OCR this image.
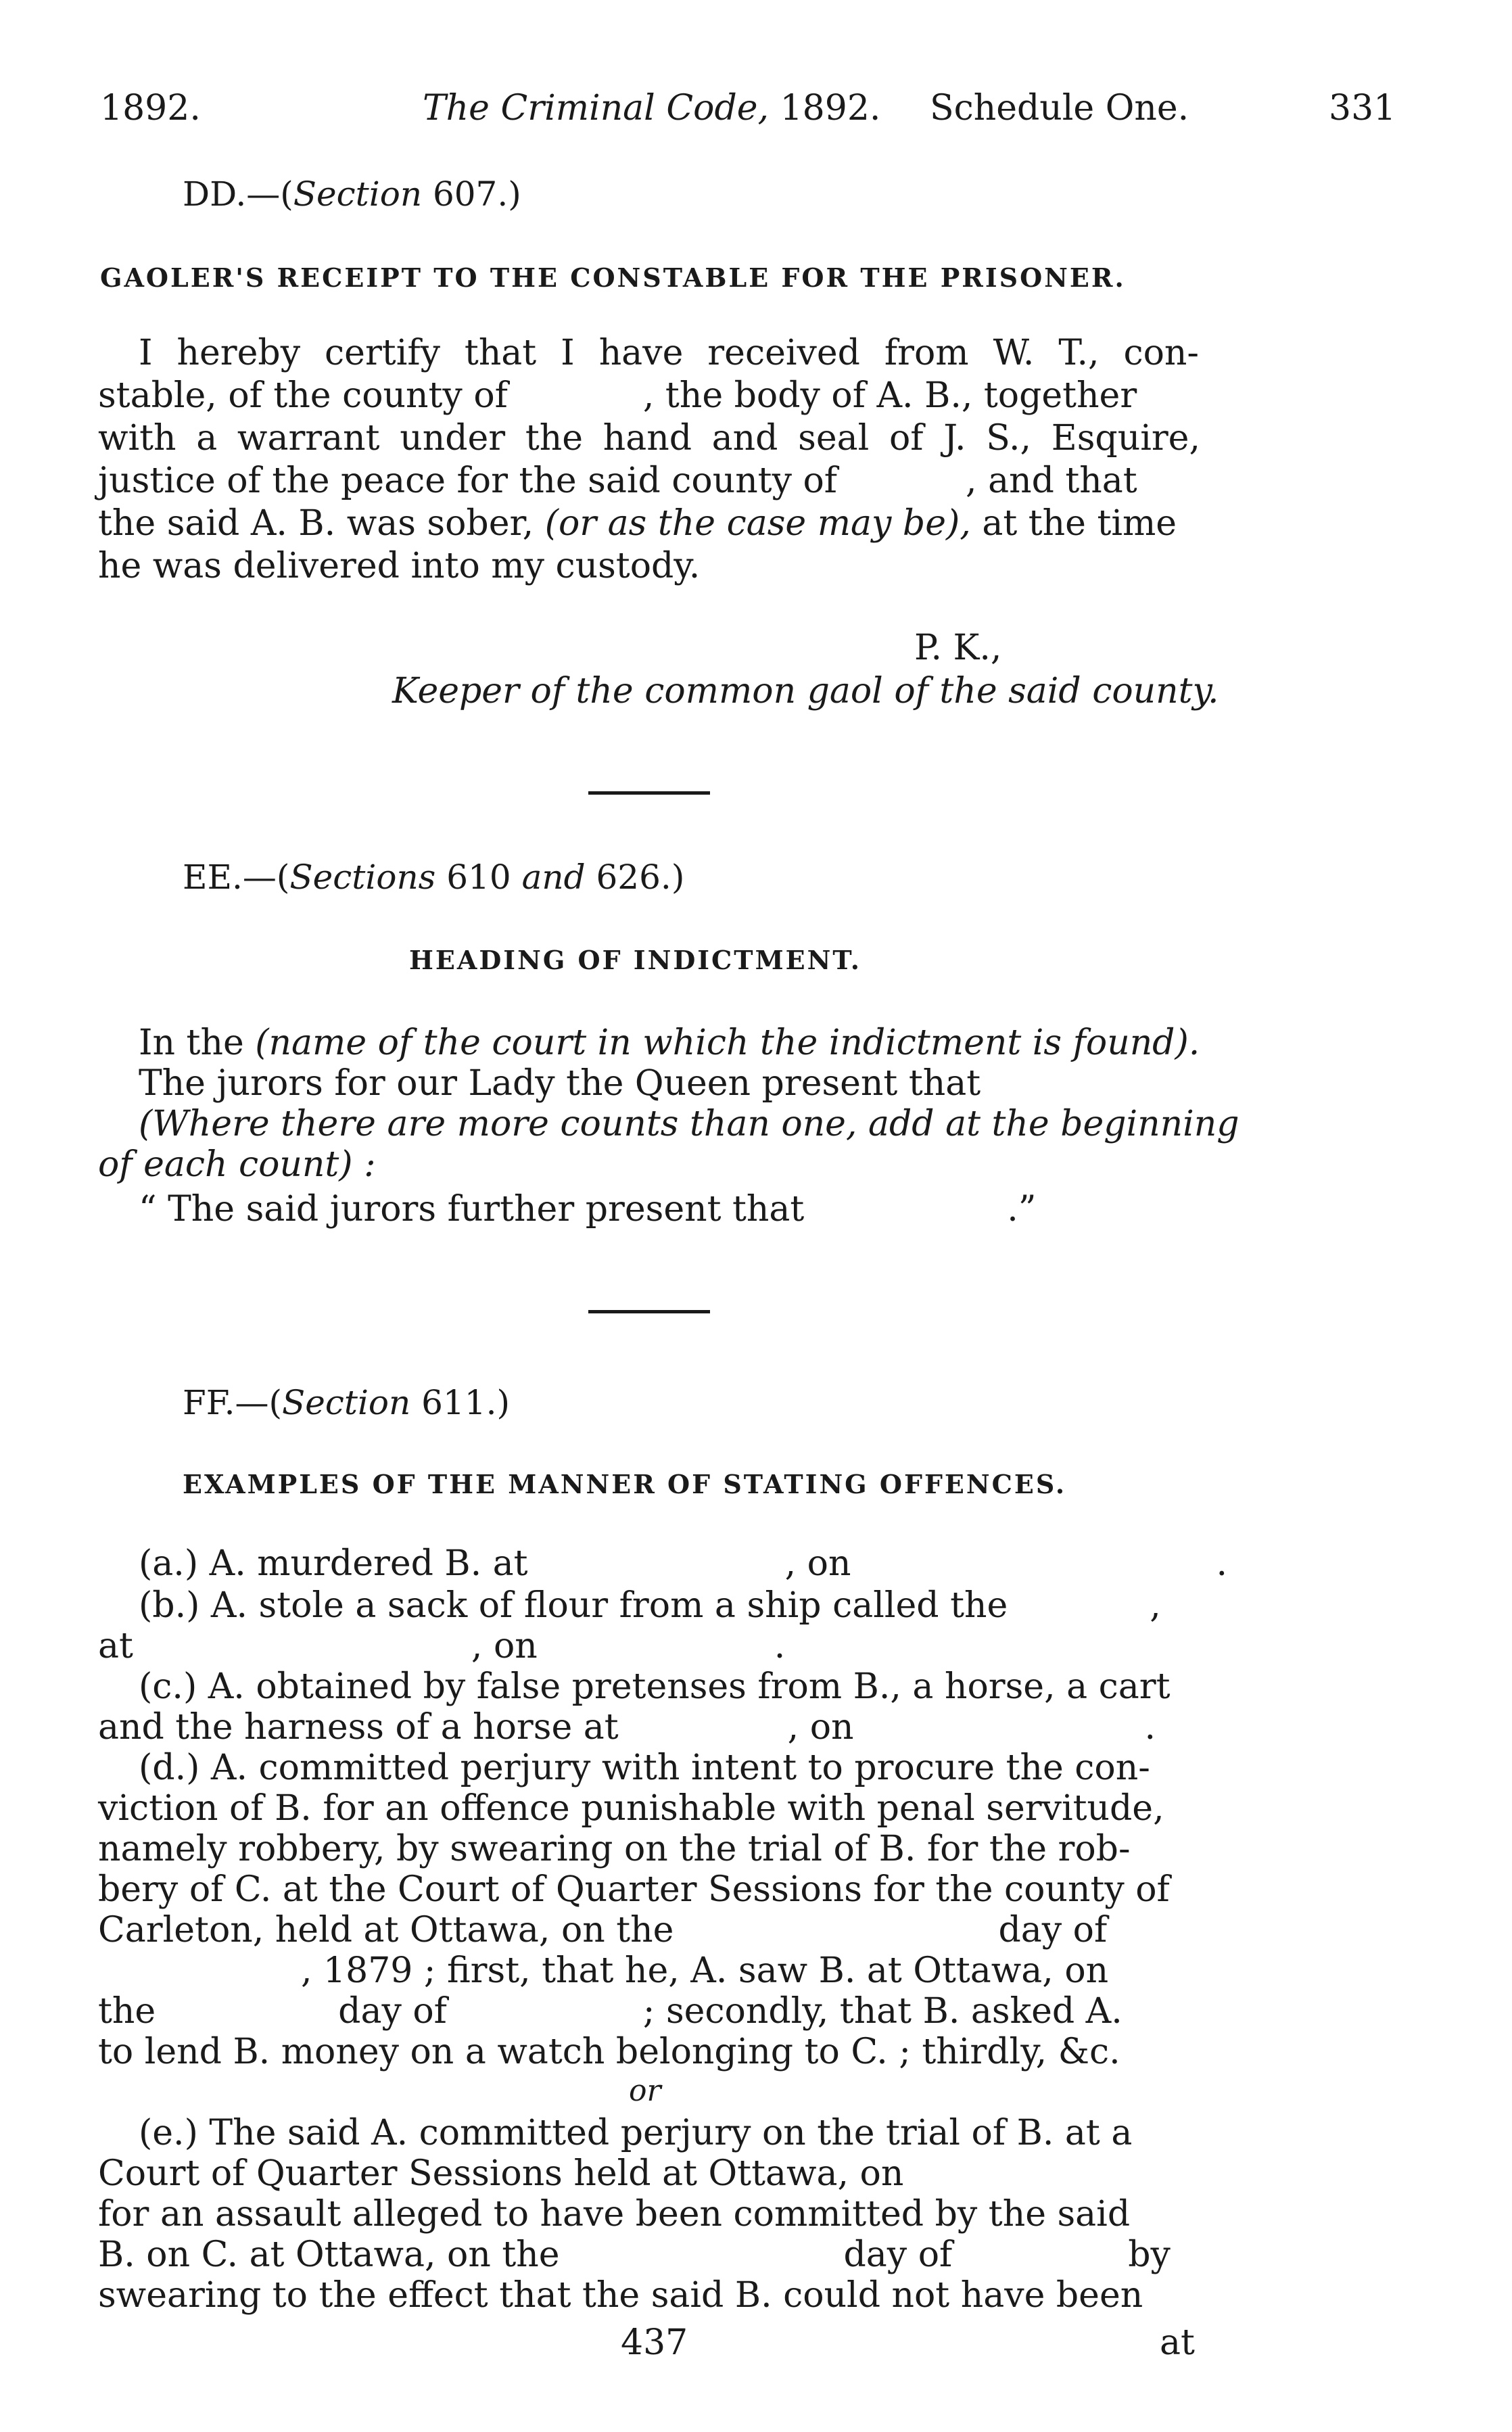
1892.	The Criminal Code, 1892. Schedule One.	331
DD.—(Section 607.)
GAOLER'S RECEIPT TO THE CONSTABLE FOR THE PRISONER.
I hereby certify that I have received from W. T., con-
stable, of the county of	, the body of A. B., together
with a warrant under the hand and seal of J. S., Esquire,
justice of the peace for the said county of	, and that
the said A. B. was sober, (or as the case may be), at the time
he was delivered into my custody.
P. K.,
Keeper of the common gaol of the said county.
EE.—(Sections 610 and 626.)
HEADING OF INDICTMENT.
In the (name of the court in which the indictment is found).
The jurors for our Lady the Queen present that
(Where there are more counts than one, add at the beginning
of each count) :
“ The said jurors further present that	.”
FF.—(Section 611.)
EXAMPLES OF THE MANNER OF STATING OFFENCES.
(a.) A. murdered B. at	, on	.
(b.) A. stole a sack of flour from a ship called the	,
at	, on	.
(c.) A. obtained by false pretenses from B., a horse, a cart
and the harness of a horse at	, on	.
(d.) A. committed perjury with intent to procure the con-
viction of B. for an offence punishable with penal servitude,
namely robbery, by swearing on the trial of B. for the rob-
bery of C. at the Court of Quarter Sessions for the county of
Carleton, held at Ottawa, on the	day of
, 1879 ; first, that he, A. saw B. at Ottawa, on
the	day of	; secondly, that B. asked A.
to lend B. money on a watch belonging to C. ; thirdly, &c.
or
(e.) The said A. committed perjury on the trial of B. at a
Court of Quarter Sessions held at Ottawa, on
for an assault alleged to have been committed by the said
B. on C. at Ottawa, on the	day of	by
swearing to the effect that the said B. could not have been
437	at
